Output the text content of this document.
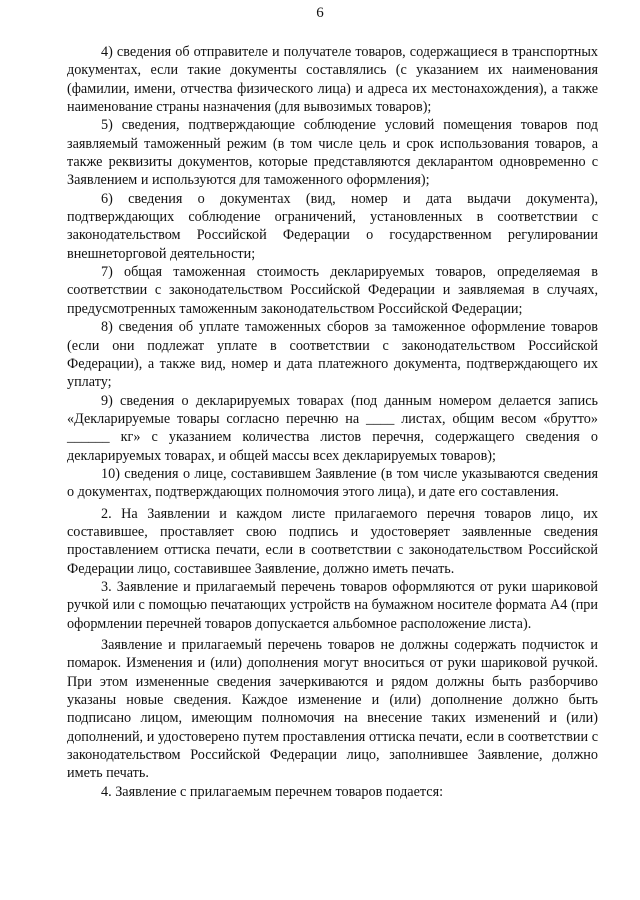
6

4) сведения об отправителе и получателе товаров, содержащиеся в транспортных документах, если такие документы составлялись (с указанием их наименования (фамилии, имени, отчества физического лица) и адреса их местонахождения), а также наименование страны назначения (для вывозимых товаров);

5) сведения, подтверждающие соблюдение условий помещения товаров под заявляемый таможенный режим (в том числе цель и срок использования товаров, а также реквизиты документов, которые представляются декларантом одновременно с Заявлением и используются для таможенного оформления);

6) сведения о документах (вид, номер и дата выдачи документа), подтверждающих соблюдение ограничений, установленных в соответствии с законодательством Российской Федерации о государственном регулировании внешнеторговой деятельности;

7) общая таможенная стоимость декларируемых товаров, определяемая в соответствии с законодательством Российской Федерации и заявляемая в случаях, предусмотренных таможенным законодательством Российской Федерации;

8) сведения об уплате таможенных сборов за таможенное оформление товаров (если они подлежат уплате в соответствии с законодательством Российской Федерации), а также вид, номер и дата платежного документа, подтверждающего их уплату;

9) сведения о декларируемых товарах (под данным номером делается запись «Декларируемые товары согласно перечню на ____ листах, общим весом «брутто» ______ кг» с указанием количества листов перечня, содержащего сведения о декларируемых товарах, и общей массы всех декларируемых товаров);

10) сведения о лице, составившем Заявление (в том числе указываются сведения о документах, подтверждающих полномочия этого лица), и дате его составления.

2. На Заявлении и каждом листе прилагаемого перечня товаров лицо, их составившее, проставляет свою подпись и удостоверяет заявленные сведения проставлением оттиска печати, если в соответствии с законодательством Российской Федерации лицо, составившее Заявление, должно иметь печать.

3. Заявление и прилагаемый перечень товаров оформляются от руки шариковой ручкой или с помощью печатающих устройств на бумажном носителе формата А4 (при оформлении перечней товаров допускается альбомное расположение листа).

Заявление и прилагаемый перечень товаров не должны содержать подчисток и помарок. Изменения и (или) дополнения могут вноситься от руки шариковой ручкой. При этом измененные сведения зачеркиваются и рядом должны быть разборчиво указаны новые сведения. Каждое изменение и (или) дополнение должно быть подписано лицом, имеющим полномочия на внесение таких изменений и (или) дополнений, и удостоверено путем проставления оттиска печати, если в соответствии с законодательством Российской Федерации лицо, заполнившее Заявление, должно иметь печать.

4. Заявление с прилагаемым перечнем товаров подается:
